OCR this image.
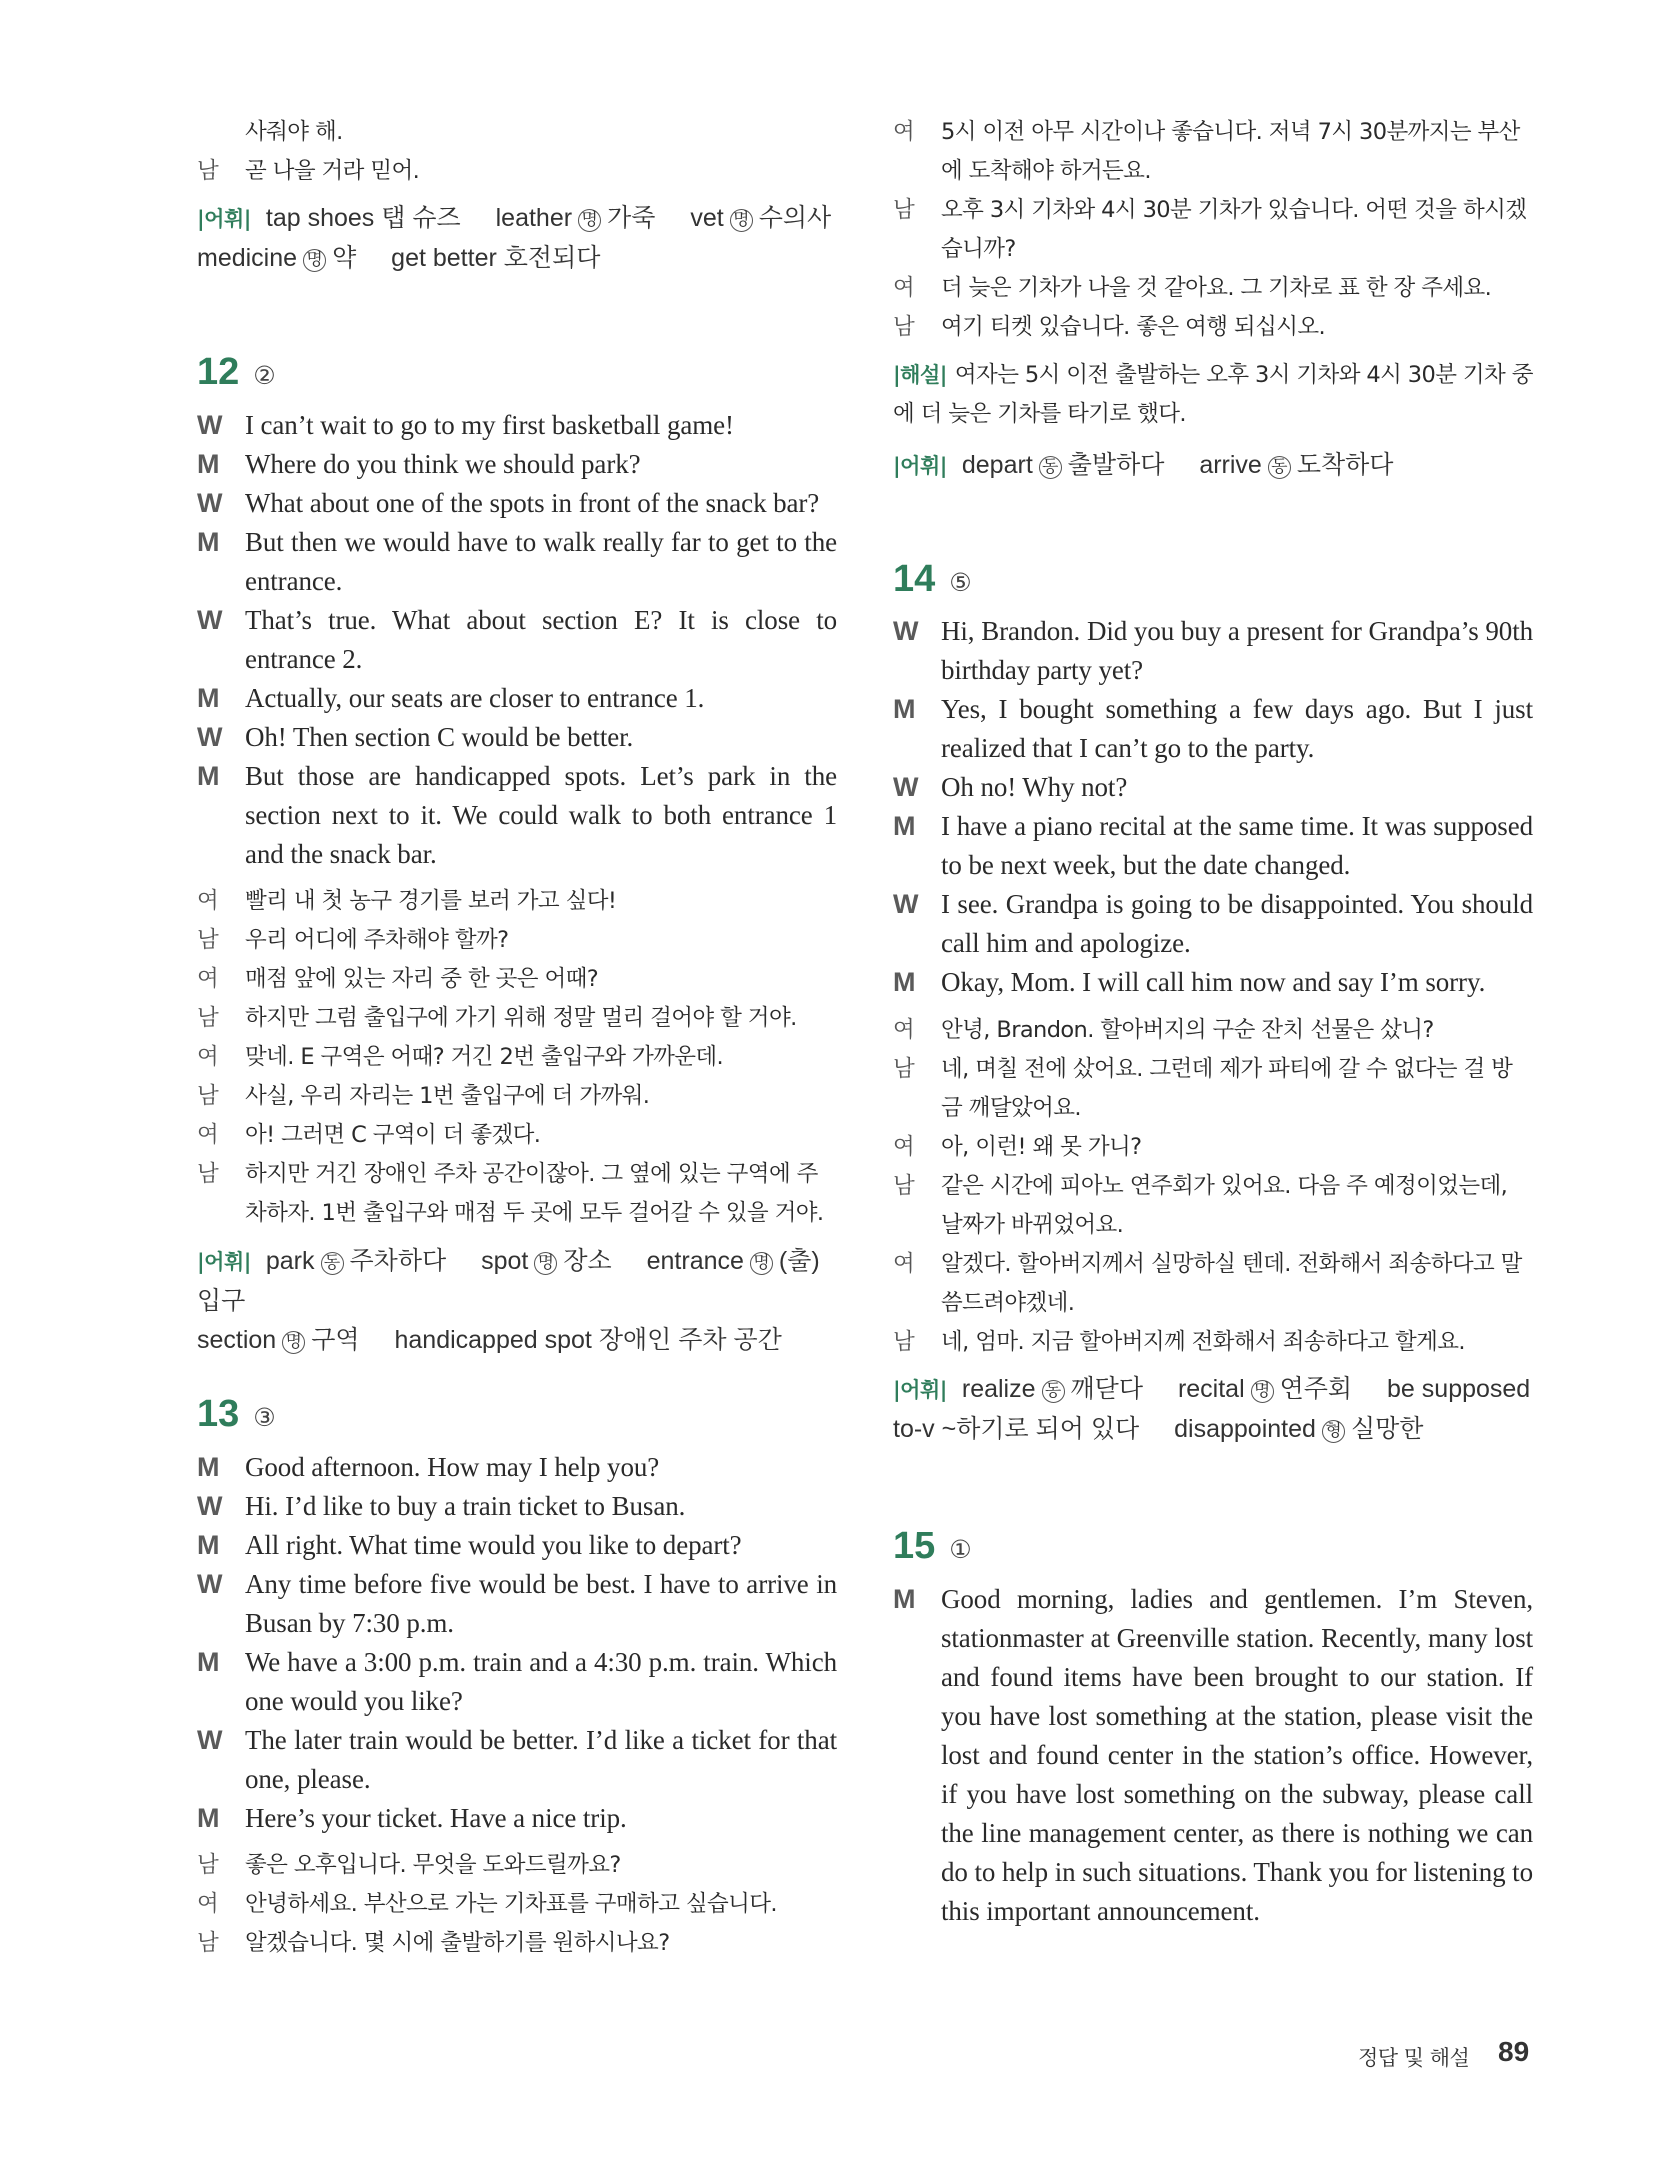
사줘야 해.
남	곧 나을 거라 믿어.
|어휘| tap shoes 탭 슈즈 leather 명 가죽 vet 명 수의사
medicine 명 약 get better 호전되다
12 ②
W I can’t wait to go to my first basketball game!
M Where do you think we should park?
W What about one of the spots in front of the snack bar?
M But then we would have to walk really far to get to the entrance.
W That’s true. What about section E? It is close to entrance 2.
M Actually, our seats are closer to entrance 1.
W Oh! Then section C would be better.
M But those are handicapped spots. Let’s park in the section next to it. We could walk to both entrance 1 and the snack bar.
여	빨리 내 첫 농구 경기를 보러 가고 싶다!
남	우리 어디에 주차해야 할까?
여	매점 앞에 있는 자리 중 한 곳은 어때?
남	하지만 그럼 출입구에 가기 위해 정말 멀리 걸어야 할 거야.
여	맞네. E 구역은 어때? 거긴 2번 출입구와 가까운데.
남	사실, 우리 자리는 1번 출입구에 더 가까워.
여	아! 그러면 C 구역이 더 좋겠다.
남	하지만 거긴 장애인 주차 공간이잖아. 그 옆에 있는 구역에 주차하자. 1번 출입구와 매점 두 곳에 모두 걸어갈 수 있을 거야.
|어휘| park 동 주차하다 spot 명 장소 entrance 명 (출)입구
section 명 구역 handicapped spot 장애인 주차 공간
13 ③
M Good afternoon. How may I help you?
W Hi. I’d like to buy a train ticket to Busan.
M All right. What time would you like to depart?
W Any time before five would be best. I have to arrive in Busan by 7:30 p.m.
M We have a 3:00 p.m. train and a 4:30 p.m. train. Which one would you like?
W The later train would be better. I’d like a ticket for that one, please.
M Here’s your ticket. Have a nice trip.
남	좋은 오후입니다. 무엇을 도와드릴까요?
여	안녕하세요. 부산으로 가는 기차표를 구매하고 싶습니다.
남	알겠습니다. 몇 시에 출발하기를 원하시나요?
여	5시 이전 아무 시간이나 좋습니다. 저녁 7시 30분까지는 부산에 도착해야 하거든요.
남	오후 3시 기차와 4시 30분 기차가 있습니다. 어떤 것을 하시겠습니까?
여	더 늦은 기차가 나을 것 같아요. 그 기차로 표 한 장 주세요.
남	여기 티켓 있습니다. 좋은 여행 되십시오.
|해설| 여자는 5시 이전 출발하는 오후 3시 기차와 4시 30분 기차 중에 더 늦은 기차를 타기로 했다.
|어휘| depart 동 출발하다 arrive 동 도착하다
14 ⑤
W Hi, Brandon. Did you buy a present for Grandpa’s 90th birthday party yet?
M Yes, I bought something a few days ago. But I just realized that I can’t go to the party.
W Oh no! Why not?
M I have a piano recital at the same time. It was supposed to be next week, but the date changed.
W I see. Grandpa is going to be disappointed. You should call him and apologize.
M Okay, Mom. I will call him now and say I’m sorry.
여	안녕, Brandon. 할아버지의 구순 잔치 선물은 샀니?
남	네, 며칠 전에 샀어요. 그런데 제가 파티에 갈 수 없다는 걸 방금 깨달았어요.
여	아, 이런! 왜 못 가니?
남	같은 시간에 피아노 연주회가 있어요. 다음 주 예정이었는데, 날짜가 바뀌었어요.
여	알겠다. 할아버지께서 실망하실 텐데. 전화해서 죄송하다고 말씀드려야겠네.
남	네, 엄마. 지금 할아버지께 전화해서 죄송하다고 할게요.
|어휘| realize 동 깨닫다 recital 명 연주회 be supposed
to-v ~하기로 되어 있다 disappointed 형 실망한
15 ①
M Good morning, ladies and gentlemen. I’m Steven, stationmaster at Greenville station. Recently, many lost and found items have been brought to our station. If you have lost something at the station, please visit the lost and found center in the station’s office. However, if you have lost something on the subway, please call the line management center, as there is nothing we can do to help in such situations. Thank you for listening to this important announcement.
정답 및 해설 89
